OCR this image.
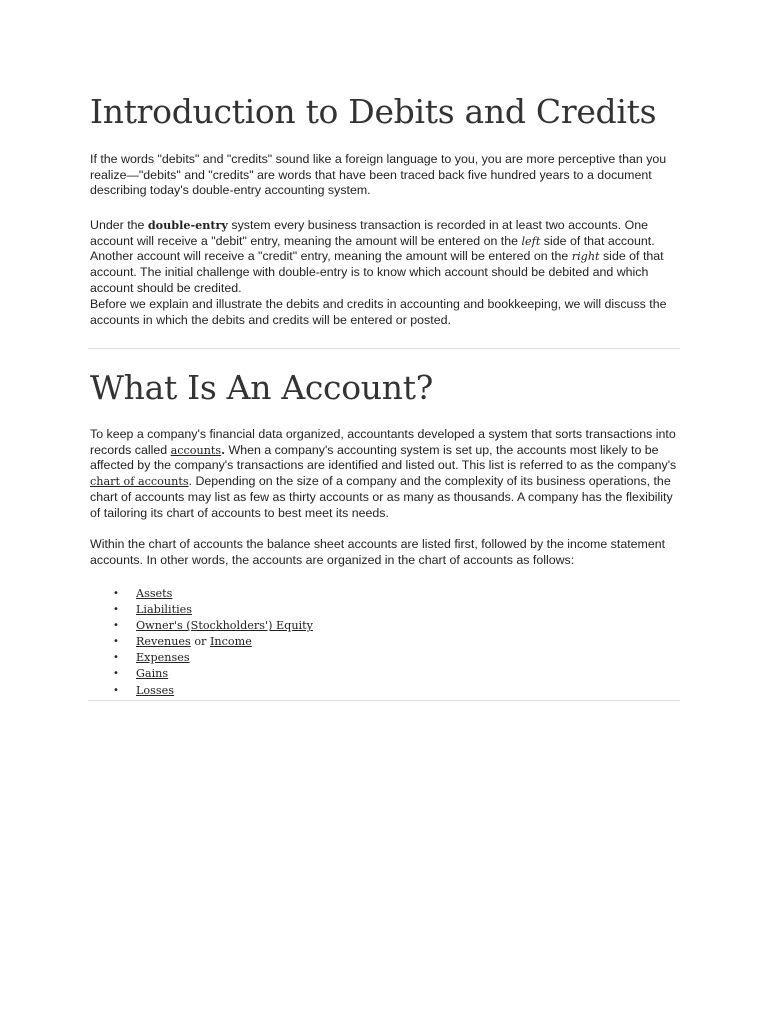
Introduction to Debits and Credits

If the words "debits" and "credits" sound like a foreign language to you, you are more perceptive than you realize—"debits" and "credits" are words that have been traced back five hundred years to a document describing today's double-entry accounting system.

Under the double-entry system every business transaction is recorded in at least two accounts. One account will receive a "debit" entry, meaning the amount will be entered on the left side of that account. Another account will receive a "credit" entry, meaning the amount will be entered on the right side of that account. The initial challenge with double-entry is to know which account should be debited and which account should be credited.

Before we explain and illustrate the debits and credits in accounting and bookkeeping, we will discuss the accounts in which the debits and credits will be entered or posted.

What Is An Account?

To keep a company's financial data organized, accountants developed a system that sorts transactions into records called accounts. When a company's accounting system is set up, the accounts most likely to be affected by the company's transactions are identified and listed out. This list is referred to as the company's chart of accounts. Depending on the size of a company and the complexity of its business operations, the chart of accounts may list as few as thirty accounts or as many as thousands. A company has the flexibility of tailoring its chart of accounts to best meet its needs.

Within the chart of accounts the balance sheet accounts are listed first, followed by the income statement accounts. In other words, the accounts are organized in the chart of accounts as follows:

• Assets
• Liabilities
• Owner's (Stockholders') Equity
• Revenues or Income
• Expenses
• Gains
• Losses
